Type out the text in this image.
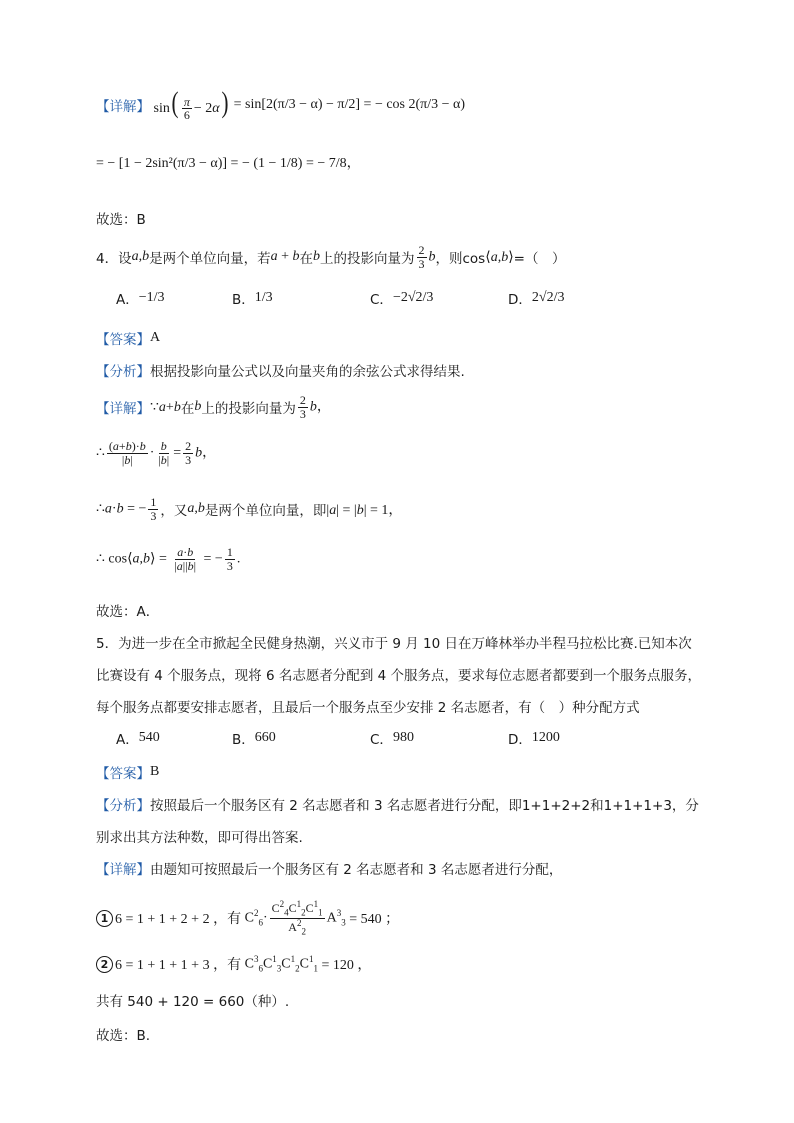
【详解】 $\sin( \frac{\pi}{6} - 2\alpha) = \sin[2(\pi/3 - \alpha) - \pi/2]$ = − cos 2(π/3 − α)
= − [1 − 2sin²(π/3 − α)] = − (1 − 1/8) = − 7/8，
故选：B
4．设 a,b 是两个单位向量，若 a + b 在 b 上的投影向量为 $\frac{2}{3}$ b ，则cos ⟨a,b⟩ =（　）
A． −1/3	B． 1/3	C． −2√2/3	D． 2√2/3
【答案】 A
【分析】 根据投影向量公式以及向量夹角的余弦公式求得结果.
【详解】 ∵a+b 在 b 上的投影向量为 $\frac{2}{3}$ b，
∴ $\frac{(a+b)\cdot b}{|b|} \cdot \frac{b}{|b|} = \frac{2}{3}$ b，
∴a·b = − $\frac{1}{3}$ ，又 a,b 是两个单位向量，即 |a| = |b| = 1，
∴ cos⟨a,b⟩ = $\frac{a\cdot b}{|a||b|}$ = − $\frac{1}{3}$ .
故选：A．
5．为进一步在全市掀起全民健身热潮，兴义市于 9 月 10 日在万峰林举办半程马拉松比赛.已知本次
比赛设有 4 个服务点，现将 6 名志愿者分配到 4 个服务点，要求每位志愿者都要到一个服务点服务，
每个服务点都要安排志愿者，且最后一个服务点至少安排 2 名志愿者，有（　）种分配方式
A． 540	B． 660	C． 980	D． 1200
【答案】 B
【分析】 按照最后一个服务区有 2 名志愿者和 3 名志愿者进行分配，即1+1+2+2和1+1+1+3，分
别求出其方法种数，即可得出答案.
【详解】 由题知可按照最后一个服务区有 2 名志愿者和 3 名志愿者进行分配，
1 6 = 1 + 1 + 2 + 2 ，有 $C^2_6\cdot \frac{C^2_4C^1_2C^1_1}{A^2_2} A^3_3 = 540$ ；
2 6 = 1 + 1 + 1 + 3 ，有 $C^3_6C^1_3C^1_2C^1_1 = 120$ ，
共有 540 + 120 = 660（种）.
故选：B.
